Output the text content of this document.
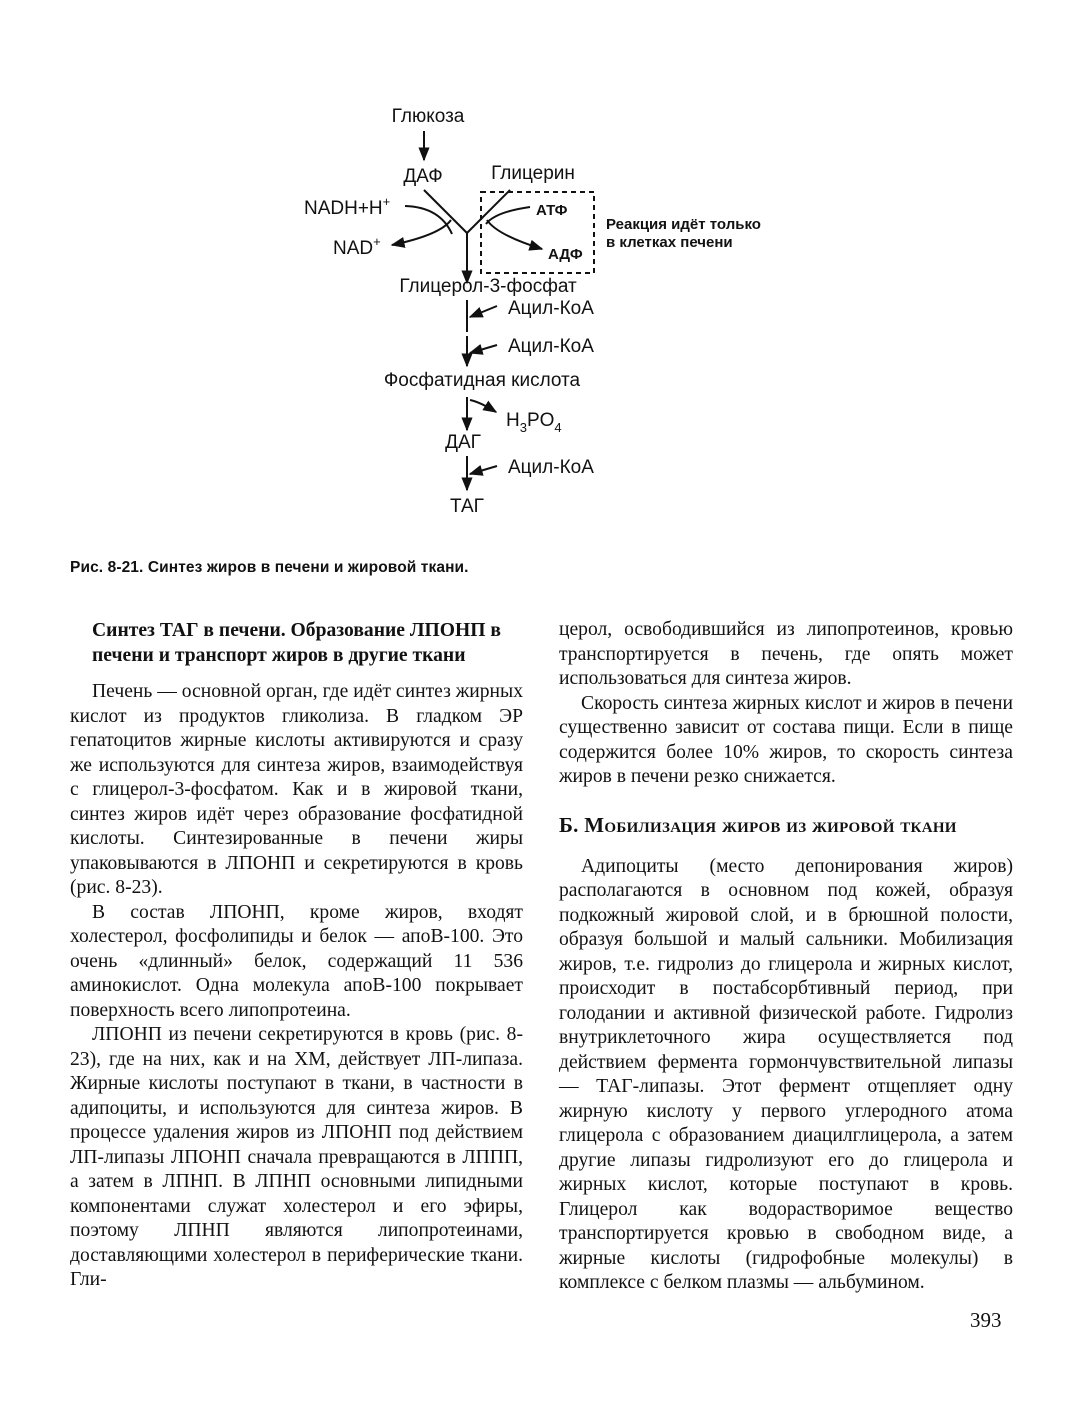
Глюкоза
ДАФ	Глицерин
NADH+H+
NAD+
АТФ
АДФ
Реакция идёт только
в клетках печени
Глицерол-3-фосфат
Ацил-КоА
Ацил-КоА
Фосфатидная кислота
$H_3PO_4$
ДАГ
Ацил-КоА
ТАГ
Рис. 8-21. Синтез жиров в печени и жировой ткани.
Синтез ТАГ в печени. Образование ЛПОНП в печени и транспорт жиров в другие ткани

Печень — основной орган, где идёт синтез жирных кислот из продуктов гликолиза. В гладком ЭР гепатоцитов жирные кислоты активируются и сразу же используются для синтеза жиров, взаимодействуя с глицерол-3-фосфатом. Как и в жировой ткани, синтез жиров идёт через образование фосфатидной кислоты. Синтезированные в печени жиры упаковываются в ЛПОНП и секретируются в кровь (рис. 8-23).

В состав ЛПОНП, кроме жиров, входят холестерол, фосфолипиды и белок — апоВ-100. Это очень «длинный» белок, содержащий 11 536 аминокислот. Одна молекула апоВ-100 покрывает поверхность всего липопротеина.

ЛПОНП из печени секретируются в кровь (рис. 8-23), где на них, как и на ХМ, действует ЛП-липаза. Жирные кислоты поступают в ткани, в частности в адипоциты, и используются для синтеза жиров. В процессе удаления жиров из ЛПОНП под действием ЛП-липазы ЛПОНП сначала превращаются в ЛППП, а затем в ЛПНП. В ЛПНП основными липидными компонентами служат холестерол и его эфиры, поэтому ЛПНП являются липопротеинами, доставляющими холестерол в периферические ткани. Гли-

церол, освободившийся из липопротеинов, кровью транспортируется в печень, где опять может использоваться для синтеза жиров.

Скорость синтеза жирных кислот и жиров в печени существенно зависит от состава пищи. Если в пище содержится более 10% жиров, то скорость синтеза жиров в печени резко снижается.

Б. Мобилизация жиров из жировой ткани

Адипоциты (место депонирования жиров) располагаются в основном под кожей, образуя подкожный жировой слой, и в брюшной полости, образуя большой и малый сальники. Мобилизация жиров, т.е. гидролиз до глицерола и жирных кислот, происходит в постабсорбтивный период, при голодании и активной физической работе. Гидролиз внутриклеточного жира осуществляется под действием фермента гормончувствительной липазы — ТАГ-липазы. Этот фермент отщепляет одну жирную кислоту у первого углеродного атома глицерола с образованием диацилглицерола, а затем другие липазы гидролизуют его до глицерола и жирных кислот, которые поступают в кровь. Глицерол как водорастворимое вещество транспортируется кровью в свободном виде, а жирные кислоты (гидрофобные молекулы) в комплексе с белком плазмы — альбумином.

393
